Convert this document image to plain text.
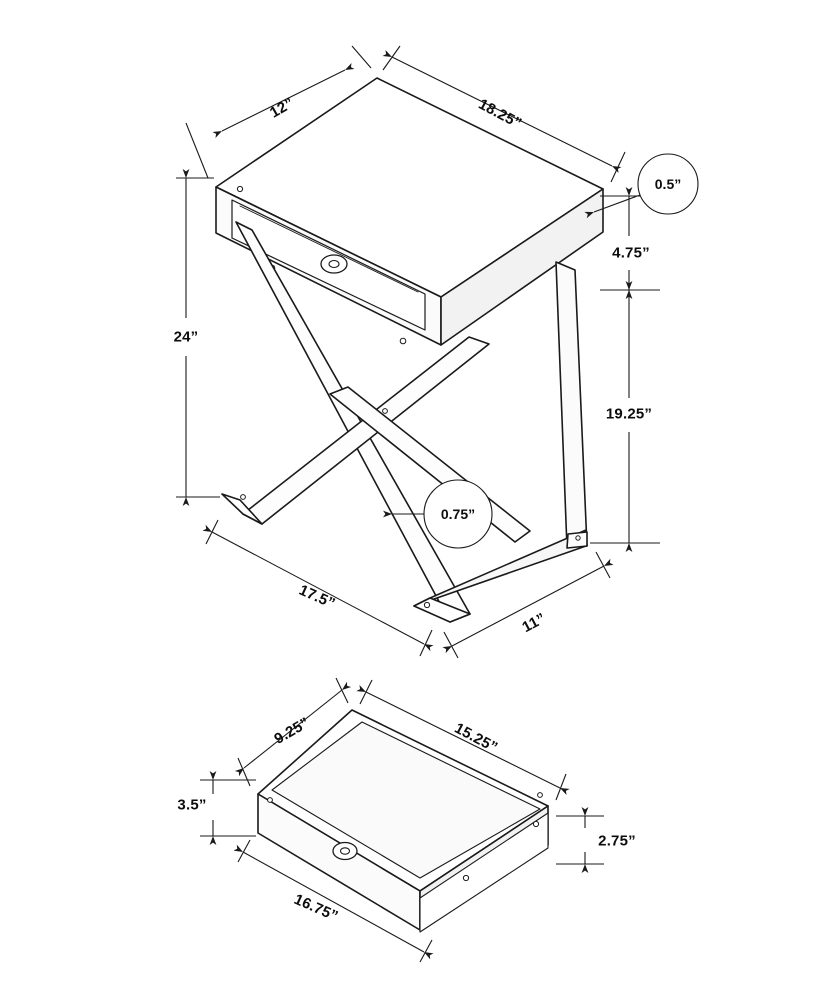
12”	18.25”
24”
4.75”
19.25”
17.5”
11”
0.5”
0.75”
9.25”	15.25”
3.5”
2.75”
16.75”
